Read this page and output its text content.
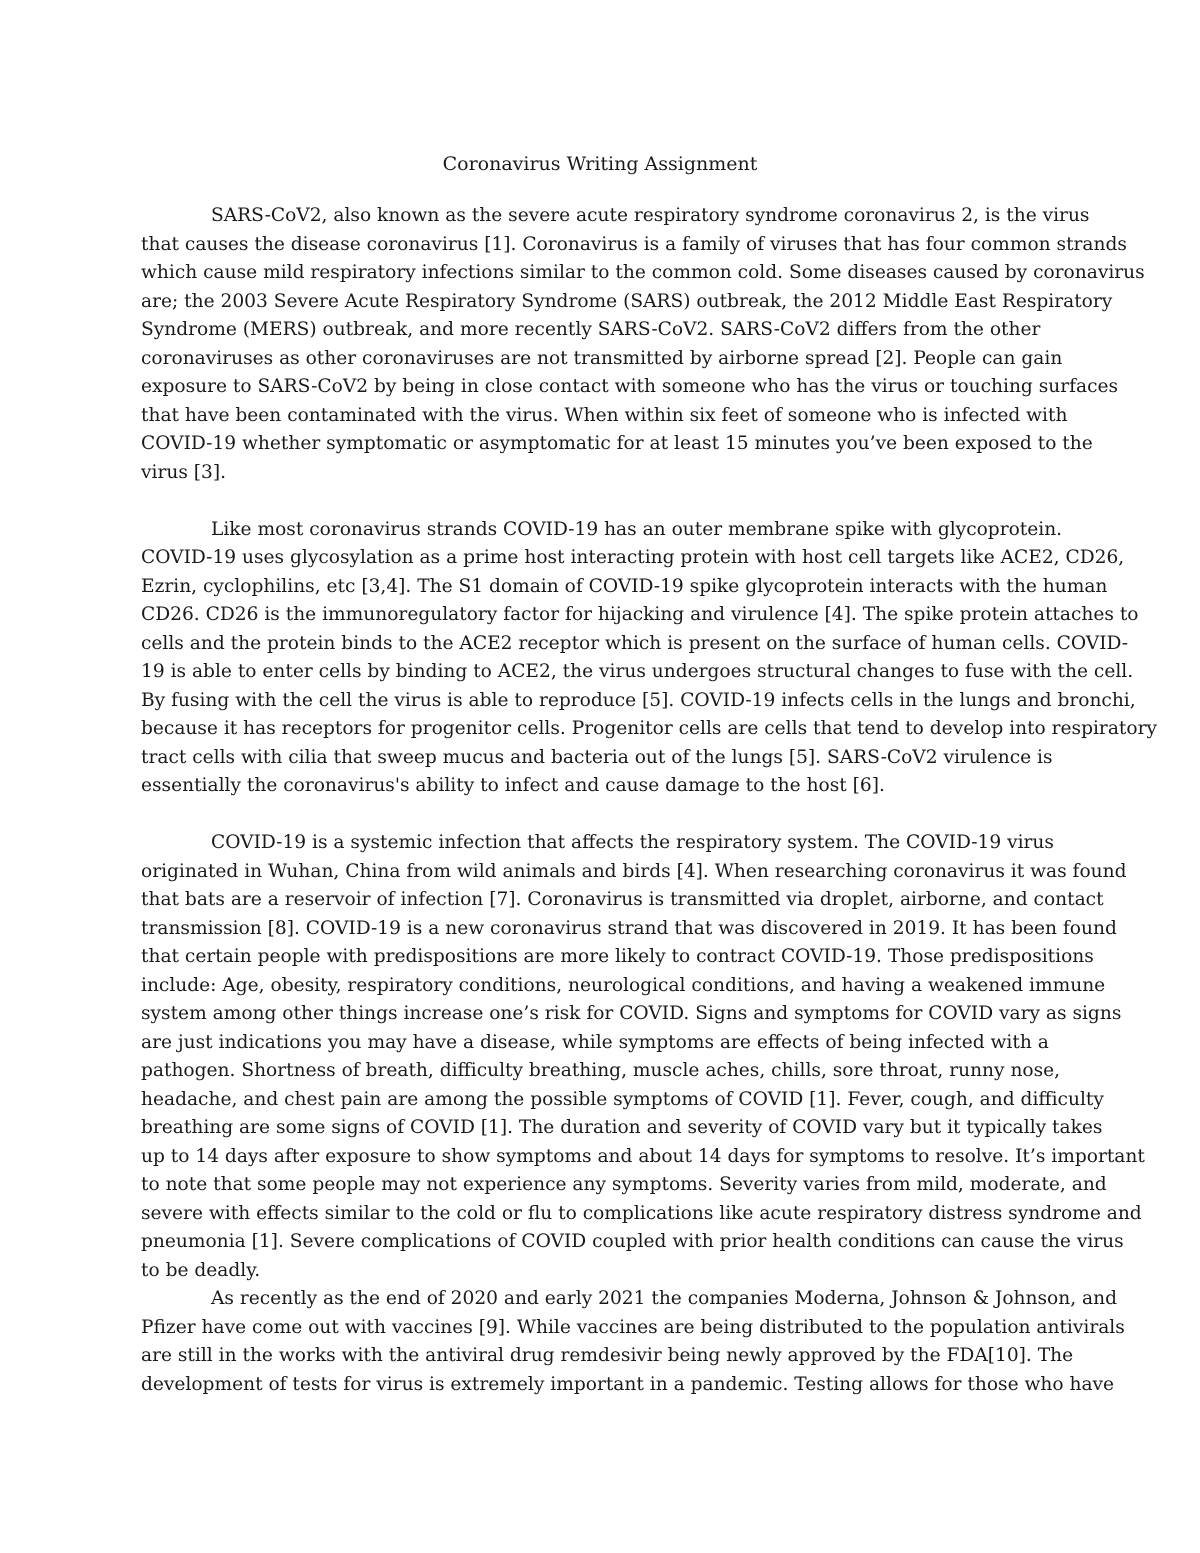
Coronavirus Writing Assignment
SARS-CoV2, also known as the severe acute respiratory syndrome coronavirus 2, is the virus
that causes the disease coronavirus [1]. Coronavirus is a family of viruses that has four common strands
which cause mild respiratory infections similar to the common cold. Some diseases caused by coronavirus
are; the 2003 Severe Acute Respiratory Syndrome (SARS) outbreak, the 2012 Middle East Respiratory
Syndrome (MERS) outbreak, and more recently SARS-CoV2. SARS-CoV2 differs from the other
coronaviruses as other coronaviruses are not transmitted by airborne spread [2]. People can gain
exposure to SARS-CoV2 by being in close contact with someone who has the virus or touching surfaces
that have been contaminated with the virus. When within six feet of someone who is infected with
COVID-19 whether symptomatic or asymptomatic for at least 15 minutes you’ve been exposed to the
virus [3].
Like most coronavirus strands COVID-19 has an outer membrane spike with glycoprotein.
COVID-19 uses glycosylation as a prime host interacting protein with host cell targets like ACE2, CD26,
Ezrin, cyclophilins, etc [3,4]. The S1 domain of COVID-19 spike glycoprotein interacts with the human
CD26. CD26 is the immunoregulatory factor for hijacking and virulence [4]. The spike protein attaches to
cells and the protein binds to the ACE2 receptor which is present on the surface of human cells. COVID-
19 is able to enter cells by binding to ACE2, the virus undergoes structural changes to fuse with the cell.
By fusing with the cell the virus is able to reproduce [5]. COVID-19 infects cells in the lungs and bronchi,
because it has receptors for progenitor cells. Progenitor cells are cells that tend to develop into respiratory
tract cells with cilia that sweep mucus and bacteria out of the lungs [5]. SARS-CoV2 virulence is
essentially the coronavirus's ability to infect and cause damage to the host [6].
COVID-19 is a systemic infection that affects the respiratory system. The COVID-19 virus
originated in Wuhan, China from wild animals and birds [4]. When researching coronavirus it was found
that bats are a reservoir of infection [7]. Coronavirus is transmitted via droplet, airborne, and contact
transmission [8]. COVID-19 is a new coronavirus strand that was discovered in 2019. It has been found
that certain people with predispositions are more likely to contract COVID-19. Those predispositions
include: Age, obesity, respiratory conditions, neurological conditions, and having a weakened immune
system among other things increase one’s risk for COVID. Signs and symptoms for COVID vary as signs
are just indications you may have a disease, while symptoms are effects of being infected with a
pathogen. Shortness of breath, difficulty breathing, muscle aches, chills, sore throat, runny nose,
headache, and chest pain are among the possible symptoms of COVID [1]. Fever, cough, and difficulty
breathing are some signs of COVID [1]. The duration and severity of COVID vary but it typically takes
up to 14 days after exposure to show symptoms and about 14 days for symptoms to resolve. It’s important
to note that some people may not experience any symptoms. Severity varies from mild, moderate, and
severe with effects similar to the cold or flu to complications like acute respiratory distress syndrome and
pneumonia [1]. Severe complications of COVID coupled with prior health conditions can cause the virus
to be deadly.
As recently as the end of 2020 and early 2021 the companies Moderna, Johnson & Johnson, and
Pfizer have come out with vaccines [9]. While vaccines are being distributed to the population antivirals
are still in the works with the antiviral drug remdesivir being newly approved by the FDA[10]. The
development of tests for virus is extremely important in a pandemic. Testing allows for those who have
